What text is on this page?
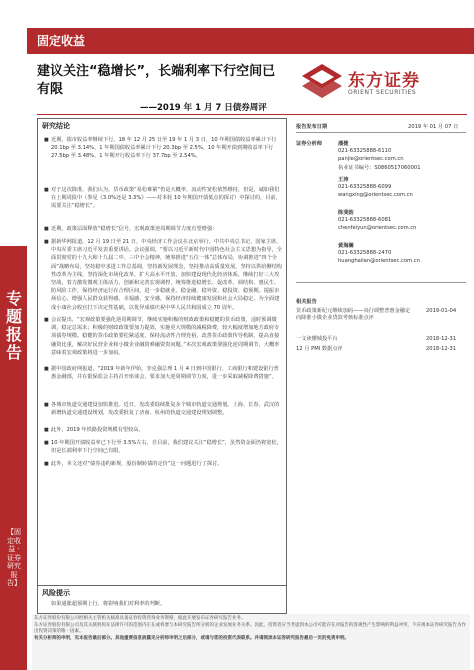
专题报告
【固定收益 · 证券研究报告】
固定收益
建议关注“稳增长”，长端利率下行空间已有限
——2019 年 1 月 7 日债券周评
东方证券
ORIENT SECURITIES
研究结论
■ 近期，债市收益率继续下行，18 年 12 月 25 日至 19 年 1 月 3 日，10 年期国债收益率累计下行 20.1bp 至 3.14%，1 年期国债收益率累计下行 20.3bp 至 2.5%，10 年期开债到期收益率下行 27.5bp 至 3.48%，1 年期开行收益率下行 37.7bp 至 2.54%。
■ 对于这次降准，我们认为，货币政策“易松难紧”仍是大概率，流动性宽松依然维持，但是，诚如我们在上期周报中（参见《3.0%还是 3.3%》——对本轮 10 年期国开债低点的探讨）中探讨的，目前，需要关注“稳增长”。
■ 近期，政策层面释放“稳增长”信号，宏观政策逆周期调节力度有望增强：
■ 据新华网报道，12 月 19 日至 21 日，中央经济工作会议在北京举行。中共中央总书记、国家主席、中央军委主席习近平发表重要讲话。会议强调，“要以习近平新时代中国特色社会主义思想为指导，全面贯彻党的十九大和十九届二中、三中全会精神，统筹推进“五位一体”总体布局，协调推进“四个全面”战略布局，坚持稳中求进工作总基调，坚持新发展理念，坚持推动高质量发展，坚持以供给侧结构性改革为主线，坚持深化市场化改革、扩大高水平开放，加快建设现代化经济体系，继续打好三大攻坚战，着力激发微观主体活力，创新和完善宏观调控，统筹推进稳增长、促改革、调结构、惠民生、防风险工作，保持经济运行在合理区间，进一步稳就业、稳金融、稳外资、稳投资、稳预期，提振市场信心，增强人民群众获得感、幸福感、安全感，保持经济持续健康发展和社会大局稳定，为全面建成小康社会收官打下决定性基础，以优异成绩庆祝中华人民共和国成立 70 周年。
■ 会议提出，“宏观政策要强化逆周期调节，继续实施积极的财政政策和稳健的货币政策，适时预调微调，稳定总需求；积极的财政政策要加力提效，实施更大规模的减税降费，较大幅度增加地方政府专项债券规模。稳健的货币政策要松紧适度，保持流动性合理充裕，改善货币政策传导机制，提高直接融资比重，解决好民营企业和小微企业融资难融资贵问题。”本次宏观政策要强化逆周期调节，大概率意味着宏观政策将进一步加码。
■ 据中国政府网报道，“2019 年新年伊始，李克强总理 1 月 4 日到中国银行、工商银行和建设银行普惠金融部，并在银保监会主持召开座谈会，要求加大逆周期调节力度，进一步采取减税降费措施”。
■ 各城市轨道交通建设加快推进。近日，发改委陆续批复多个城市轨道交通规划。上海、长春、武汉的新增轨道交通建设规划，发改委批复了济南、杭州的轨道交通建设规划调整。
■ 此外，2019 年铁路投资规模有望较高。
■ 10 年期国开债收益率已下行至 3.5%左右，自目前，我们建议关注“稳增长”，虽然资金面仍将宽松，但是长端利率下行空间已有限。
■ 此外，本文还对“债券违约新规，股份制转债的定价”这一问题进行了探讨。
风险提示
如果通胀超预期上行，将影响我们对利率的判断。
报告发布日期	2019 年 01 月 07 日
证券分析师	潘捷
021-63325888-6110
panjie@orientsec.com.cn
执业证书编号：S0860517060001
王涛
021-63325888-6099
wangxing@orientsec.com.cn
陈斐韵
021-63325888-6081
chenfeiyun@orientsec.com.cn
黄海澜
021-63325888-2470
huanghailan@orientsec.com.cn
相关报告
货币政策新纪元继续加码——央行调整普惠金融定向降准小微企业贷款考核标准点评
2019-01-04
一文读懂城投平台	2018-12-31
12 月 PMI 数据点评	2018-12-31

东方证券股份有限公司经相关主管机关核准具备证券投资咨询业务资格，据此开展发布证券研究报告业务。

东方证券股份有限公司及其关联机构在法律许可的范围内正在或将要与本研究报告所分析的企业发展业务关系。因此，投资者应当考虑到本公司可能存在对报告的客观性产生影响的利益冲突，不应视本证券研究报告为作出投资决策的唯一因素。

有关分析师的申明，见本报告最后部分。其他重要信息披露见分析师申明之后部分，或请与您的投资代表联系。并请阅读本证券研究报告最后一页的免责申明。
